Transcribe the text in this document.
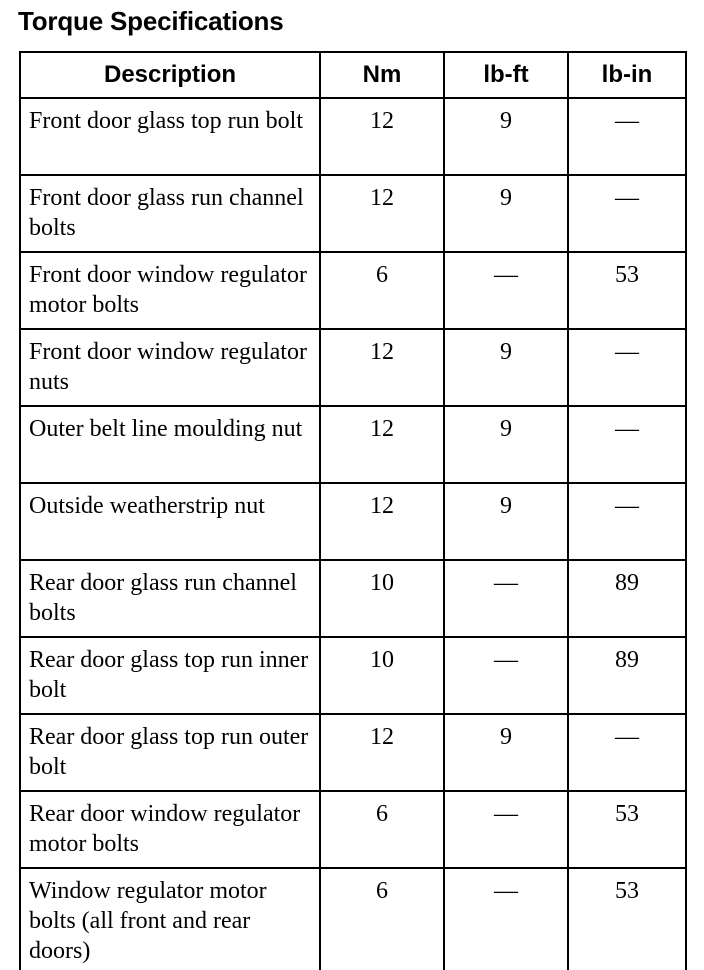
Torque Specifications
Description	Nm	lb-ft	lb-in
Front door glass top run bolt	12	9	—
Front door glass run channel bolts	12	9	—
Front door window regulator motor bolts	6	—	53
Front door window regulator nuts	12	9	—
Outer belt line moulding nut	12	9	—
Outside weatherstrip nut	12	9	—
Rear door glass run channel bolts	10	—	89
Rear door glass top run inner bolt	10	—	89
Rear door glass top run outer bolt	12	9	—
Rear door window regulator motor bolts	6	—	53
Window regulator motor bolts (all front and rear doors)	6	—	53
